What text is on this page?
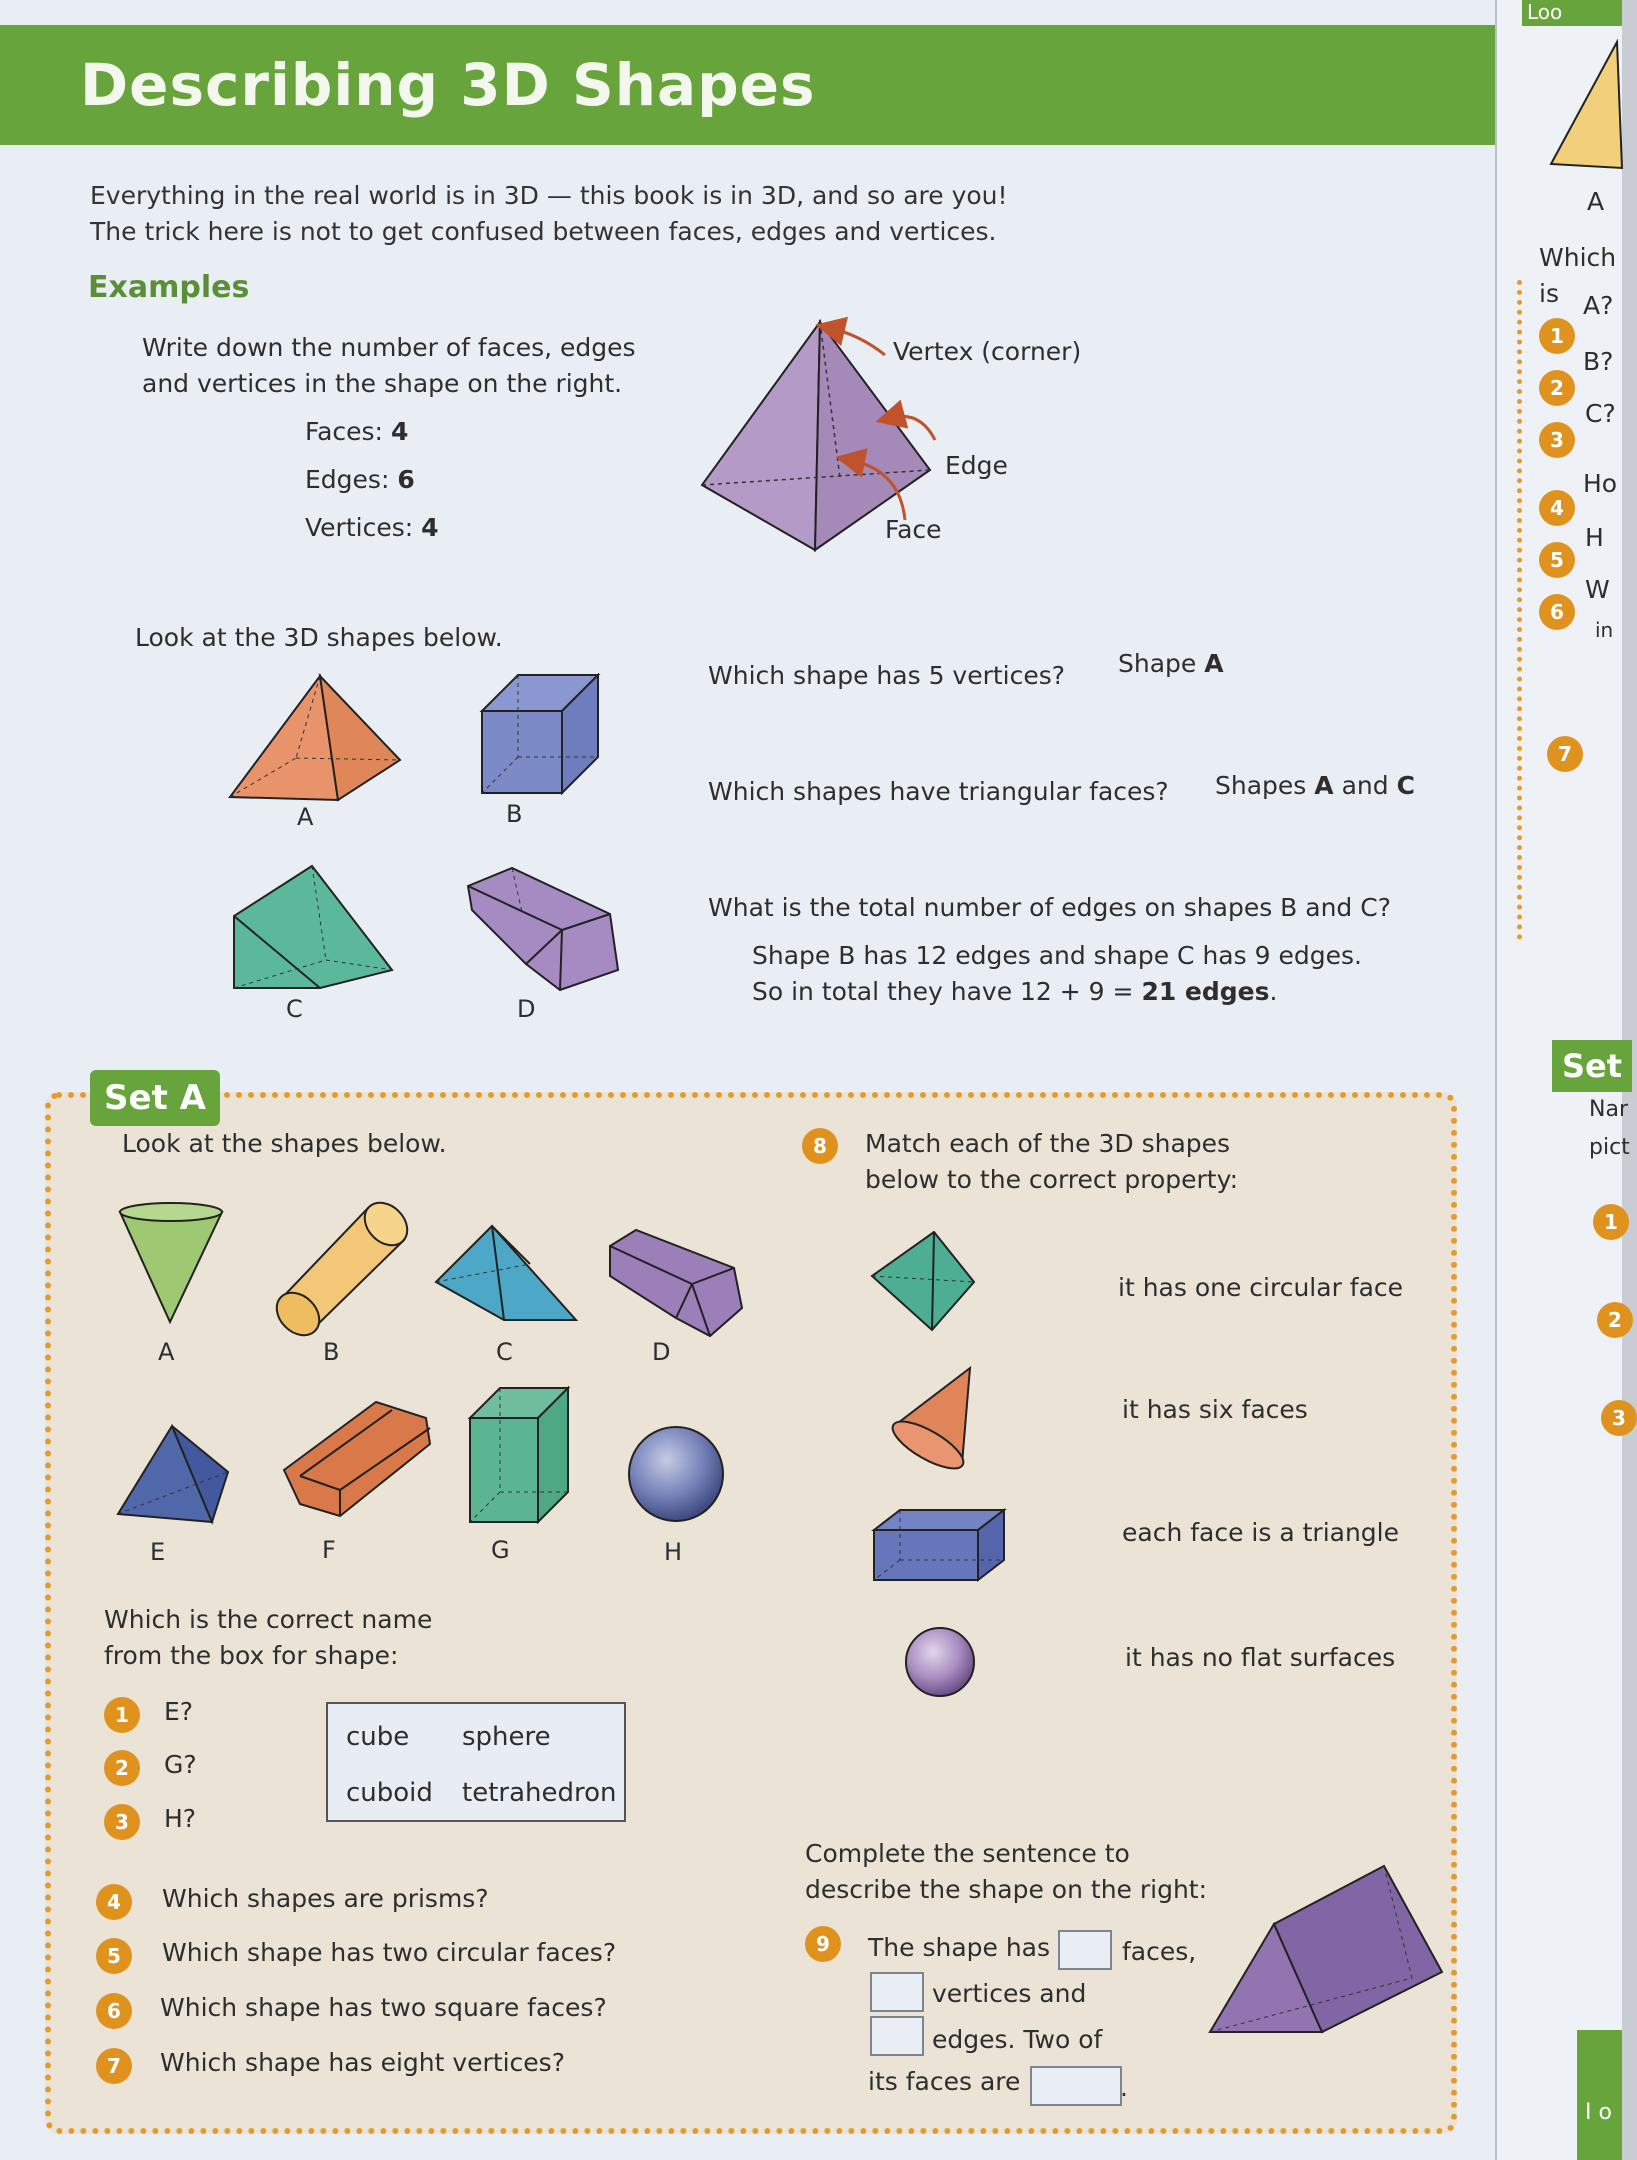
Describing 3D Shapes
Everything in the real world is in 3D — this book is in 3D, and so are you!
The trick here is not to get confused between faces, edges and vertices.
Examples
Write down the number of faces, edges
and vertices in the shape on the right.
Faces: 4
Edges: 6
Vertices: 4
Vertex (corner)
Edge
Face
Look at the 3D shapes below.
A	B
C	D
Which shape has 5 vertices? Shape A
Which shapes have triangular faces? Shapes A and C
What is the total number of edges on shapes B and C?
Shape B has 12 edges and shape C has 9 edges.
So in total they have 12 + 9 = 21 edges.
Set A
Look at the shapes below.
A	B	C	D
E	F	G	H
Which is the correct name
from the box for shape:
1	E?
2	G?
3	H?
cube sphere
cuboid tetrahedron
4	Which shapes are prisms?
5	Which shape has two circular faces?
6	Which shape has two square faces?
7	Which shape has eight vertices?
8	Match each of the 3D shapes
below to the correct property:
it has one circular face
it has six faces
each face is a triangle
it has no flat surfaces
Complete the sentence to
describe the shape on the right:
9	The shape has	faces,
vertices and
edges. Two of
its faces are	.
Loo
A
Which is
1
A?
2
B?
3
C?
4
Ho
5
H
6
W
in
7
Set
Nar
pict
1
2
3
I o
